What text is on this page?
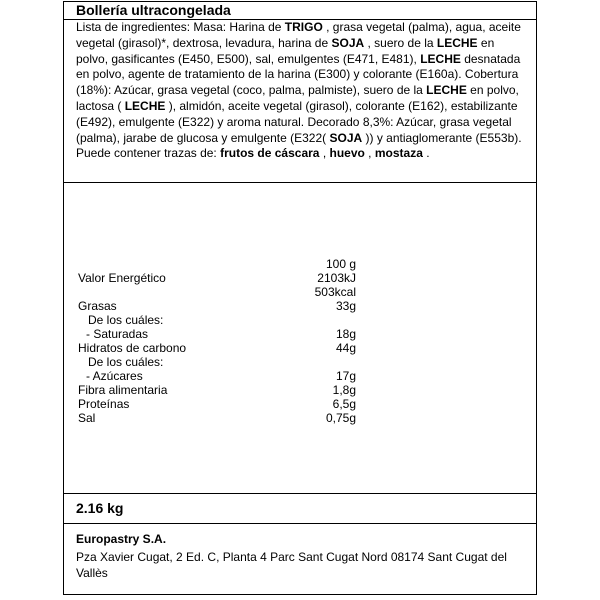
Bollería ultracongelada
Lista de ingredientes: Masa: Harina de TRIGO , grasa vegetal (palma), agua, aceite vegetal (girasol)*, dextrosa, levadura, harina de SOJA , suero de la LECHE en polvo, gasificantes (E450, E500), sal, emulgentes (E471, E481), LECHE desnatada en polvo, agente de tratamiento de la harina (E300) y colorante (E160a). Cobertura (18%): Azúcar, grasa vegetal (coco, palma, palmiste), suero de la LECHE en polvo, lactosa ( LECHE ), almidón, aceite vegetal (girasol), colorante (E162), estabilizante (E492), emulgente (E322) y aroma natural. Decorado 8,3%: Azúcar, grasa vegetal (palma), jarabe de glucosa y emulgente (E322( SOJA )) y antiaglomerante (E553b). Puede contener trazas de: frutos de cáscara , huevo , mostaza .
100 g
Valor Energético	2103kJ
503kcal
Grasas	33g
De los cuáles:
- Saturadas	18g
Hidratos de carbono	44g
De los cuáles:
- Azúcares	17g
Fibra alimentaria	1,8g
Proteínas	6,5g
Sal	0,75g
2.16 kg
Europastry S.A.
Pza Xavier Cugat, 2 Ed. C, Planta 4 Parc Sant Cugat Nord 08174 Sant Cugat del Vallès
